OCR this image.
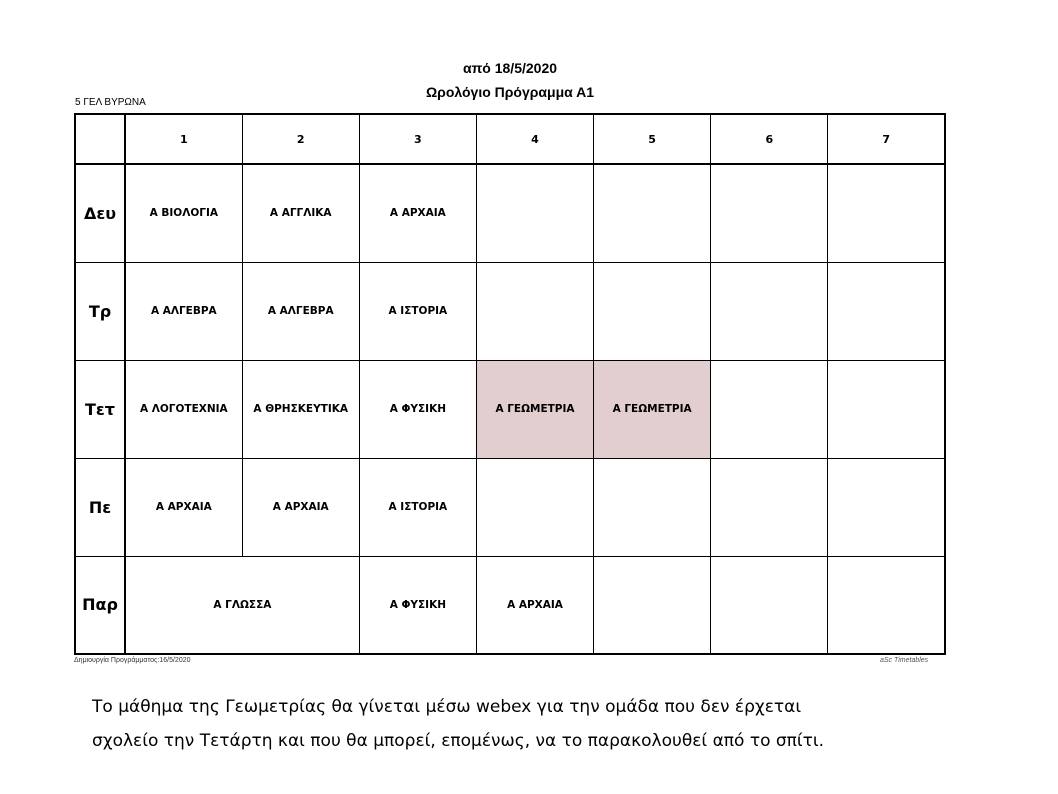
από 18/5/2020
Ωρολόγιο Πρόγραμμα Α1
5 ΓΕΛ ΒΥΡΩΝΑ
	1	2	3	4	5	6	7
Δευ	Α ΒΙΟΛΟΓΙΑ	Α ΑΓΓΛΙΚΑ	Α ΑΡΧΑΙΑ				
Τρ	Α ΑΛΓΕΒΡΑ	Α ΑΛΓΕΒΡΑ	Α ΙΣΤΟΡΙΑ				
Τετ	Α ΛΟΓΟΤΕΧΝΙΑ	Α ΘΡΗΣΚΕΥΤΙΚΑ	Α ΦΥΣΙΚΗ	Α ΓΕΩΜΕΤΡΙΑ	Α ΓΕΩΜΕΤΡΙΑ		
Πε	Α ΑΡΧΑΙΑ	Α ΑΡΧΑΙΑ	Α ΙΣΤΟΡΙΑ				
Παρ	Α ΓΛΩΣΣΑ		Α ΦΥΣΙΚΗ	Α ΑΡΧΑΙΑ			
Δημιουργία Προγράμματος:16/5/2020	aSc Timetables
Το μάθημα της Γεωμετρίας θα γίνεται μέσω webex για την ομάδα που δεν έρχεται
σχολείο την Τετάρτη και που θα μπορεί, επομένως, να το παρακολουθεί από το σπίτι.
